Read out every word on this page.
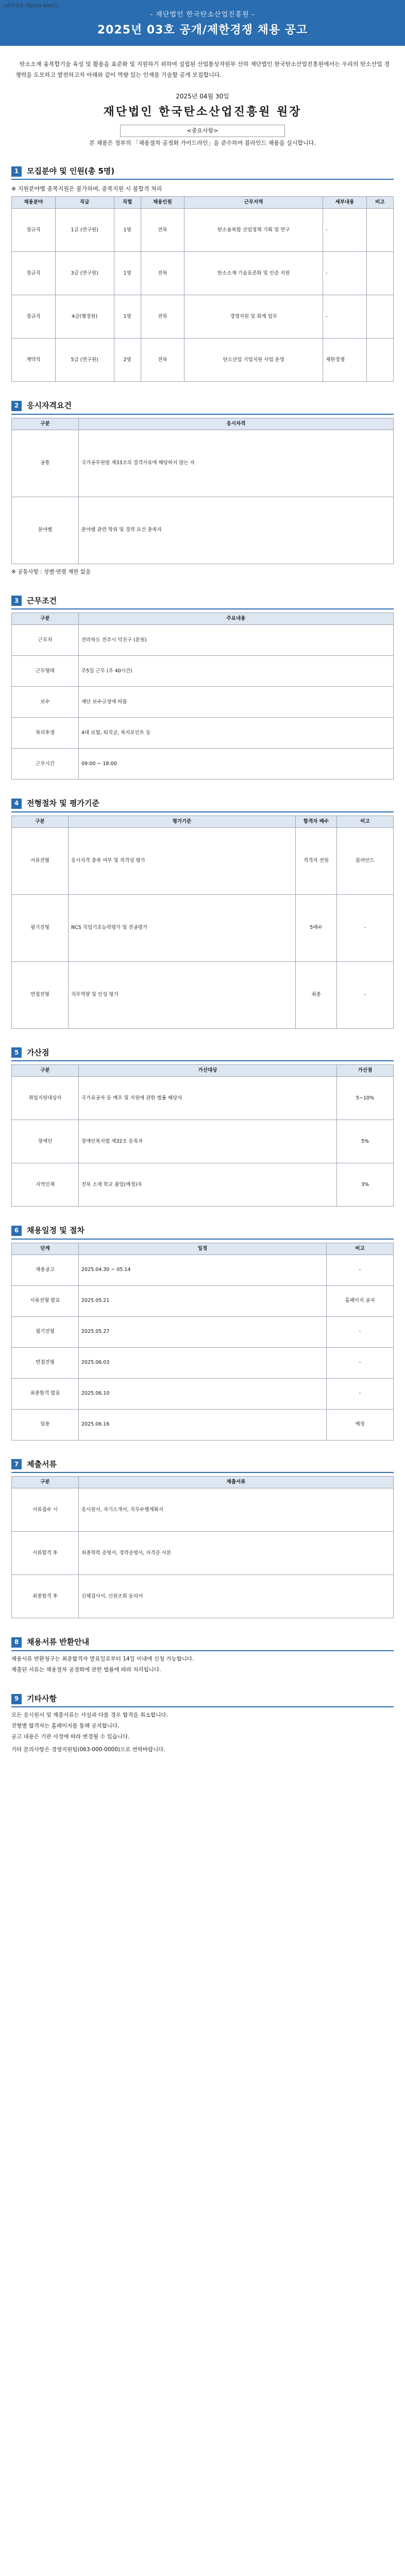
(관보번호 제2025-000호)
- 재단법인 한국탄소산업진흥원 -
2025년 03호 공개/제한경쟁 채용 공고

탄소소재 융복합기술 육성 및 활용을 표준화 및 지원하기 위하여 설립된 산업통상자원부 산하 재단법인 한국탄소산업진흥원에서는 우리의 탄소산업 경쟁력을 도모하고 발전하고자 아래와 같이 역량 있는 인재를 기술할 공개 모집합니다.

2025년 04월 30일
재단법인 한국탄소산업진흥원 원장
<중요사항>
본 채용은 정부의 「채용절차 공정화 가이드라인」을 준수하여 블라인드 채용을 실시합니다.
1	모집분야 및 인원(총 5명)
※ 지원분야별 중복지원은 불가하며, 중복지원 시 불합격 처리
채용분야	직급	직렬	채용인원	근무지역	세부내용	비고
정규직	1급 (연구원)	1명	전북	탄소융복합 산업정책 기획 및 연구	-	
정규직	3급 (연구원)	1명	전북	탄소소재 기술표준화 및 인증 지원	-	
정규직	4급(행정원)	1명	전북	경영지원 및 회계 업무	-	
계약직	5급 (연구원)	2명	전북	탄소산업 기업지원 사업 운영	제한경쟁	
2	응시자격요건
구분	응시자격
공통	국가공무원법 제33조의 결격사유에 해당하지 않는 자
분야별	분야별 관련 학위 및 경력 요건 충족자

※ 공통사항 : 성별·연령 제한 없음

3	근무조건
구분	주요내용
근무처	전라북도 전주시 덕진구 (본원)
근무형태	주5일 근무 (주 40시간)
보수	재단 보수규정에 따름
복리후생	4대 보험, 퇴직금, 복지포인트 등
근무시간	09:00 ~ 18:00
4	전형절차 및 평가기준
구분	평가기준	합격자 배수	비고
서류전형	응시자격 충족 여부 및 적격성 평가	적격자 전원	블라인드
필기전형	NCS 직업기초능력평가 및 전공평가	5배수	-
면접전형	직무역량 및 인성 평가	최종	-
5	가산점
구분	가산대상	가산점
취업지원대상자	국가유공자 등 예우 및 지원에 관한 법률 해당자	5~10%
장애인	장애인복지법 제32조 등록자	5%
지역인재	전북 소재 학교 졸업(예정)자	3%
6	채용일정 및 절차
단계	일정	비고
채용공고	2025.04.30 ~ 05.14	-
서류전형 발표	2025.05.21	홈페이지 공지
필기전형	2025.05.27	-
면접전형	2025.06.03	-
최종합격 발표	2025.06.10	-
임용	2025.06.16	예정
7	제출서류
구분	제출서류
서류접수 시	응시원서, 자기소개서, 직무수행계획서
서류합격 후	최종학력 증명서, 경력증명서, 자격증 사본
최종합격 후	신체검사서, 신원조회 동의서
8	채용서류 반환안내

채용서류 반환청구는 최종합격자 발표일로부터 14일 이내에 신청 가능합니다.

제출된 서류는 채용절차 공정화에 관한 법률에 따라 처리됩니다.

9	기타사항

모든 응시원서 및 제출서류는 사실과 다를 경우 합격을 취소합니다.

전형별 합격자는 홈페이지를 통해 공지합니다.

공고 내용은 기관 사정에 따라 변경될 수 있습니다.

기타 문의사항은 경영지원팀(063-000-0000)으로 연락바랍니다.
